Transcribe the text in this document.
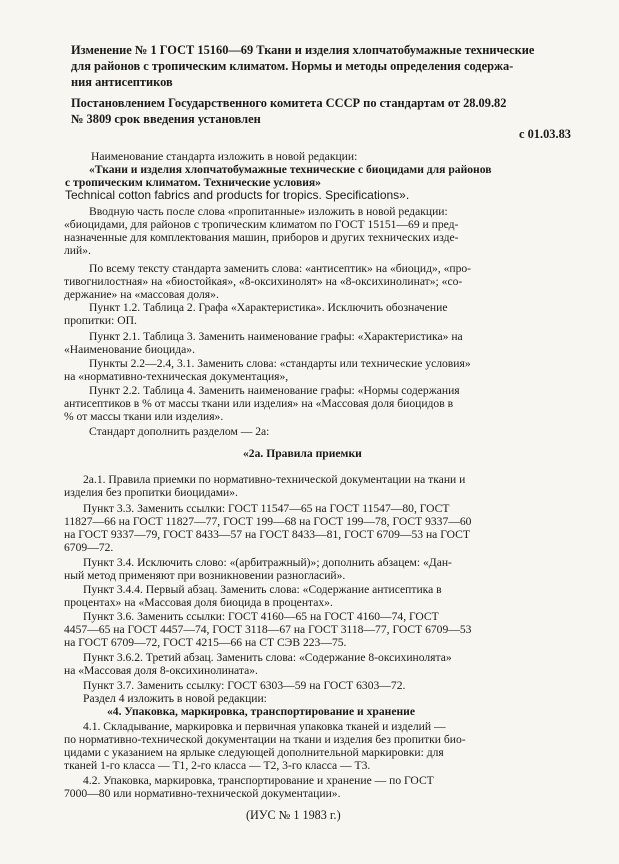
Изменение № 1 ГОСТ 15160—69 Ткани и изделия хлопчатобумажные технические
для районов с тропическим климатом. Нормы и методы определения содержа-
ния антисептиков
Постановлением Государственного комитета СССР по стандартам от 28.09.82
№ 3809 срок введения установлен
с 01.03.83
Наименование стандарта изложить в новой редакции:
«Ткани и изделия хлопчатобумажные технические с биоцидами для районов
с тропическим климатом. Технические условия»
Technical cotton fabrics and products for tropics. Specifications».
Вводную часть после слова «пропитанные» изложить в новой редакции:
«биоцидами, для районов с тропическим климатом по ГОСТ 15151—69 и пред-
назначенные для комплектования машин, приборов и других технических изде-
лий».
По всему тексту стандарта заменить слова: «антисептик» на «биоцид», «про-
тивогнилостная» на «биостойкая», «8-оксихинолят» на «8-оксихинолинат»; «со-
держание» на «массовая доля».
Пункт 1.2. Таблица 2. Графа «Характеристика». Исключить обозначение
пропитки: ОП.
Пункт 2.1. Таблица 3. Заменить наименование графы: «Характеристика» на
«Наименование биоцида».
Пункты 2.2—2.4, 3.1. Заменить слова: «стандарты или технические условия»
на «нормативно-техническая документация»,
Пункт 2.2. Таблица 4. Заменить наименование графы: «Нормы содержания
антисептиков в % от массы ткани или изделия» на «Массовая доля биоцидов в
% от массы ткани или изделия».
Стандарт дополнить разделом — 2а:
«2а. Правила приемки
2а.1. Правила приемки по нормативно-технической документации на ткани и
изделия без пропитки биоцидами».
Пункт 3.3. Заменить ссылки: ГОСТ 11547—65 на ГОСТ 11547—80, ГОСТ
11827—66 на ГОСТ 11827—77, ГОСТ 199—68 на ГОСТ 199—78, ГОСТ 9337—60
на ГОСТ 9337—79, ГОСТ 8433—57 на ГОСТ 8433—81, ГОСТ 6709—53 на ГОСТ
6709—72.
Пункт 3.4. Исключить слово: «(арбитражный)»; дополнить абзацем: «Дан-
ный метод применяют при возникновении разногласий».
Пункт 3.4.4. Первый абзац. Заменить слова: «Содержание антисептика в
процентах» на «Массовая доля биоцида в процентах».
Пункт 3.6. Заменить ссылки: ГОСТ 4160—65 на ГОСТ 4160—74, ГОСТ
4457—65 на ГОСТ 4457—74, ГОСТ 3118—67 на ГОСТ 3118—77, ГОСТ 6709—53
на ГОСТ 6709—72, ГОСТ 4215—66 на СТ СЭВ 223—75.
Пункт 3.6.2. Третий абзац. Заменить слова: «Содержание 8-оксихинолята»
на «Массовая доля 8-оксихинолината».
Пункт 3.7. Заменить ссылку: ГОСТ 6303—59 на ГОСТ 6303—72.
Раздел 4 изложить в новой редакции:
«4. Упаковка, маркировка, транспортирование и хранение
4.1. Складывание, маркировка и первичная упаковка тканей и изделий —
по нормативно-технической документации на ткани и изделия без пропитки био-
цидами с указанием на ярлыке следующей дополнительной маркировки: для
тканей 1-го класса — Т1, 2-го класса — Т2, 3-го класса — Т3.
4.2. Упаковка, маркировка, транспортирование и хранение — по ГОСТ
7000—80 или нормативно-технической документации».
(ИУС № 1 1983 г.)
